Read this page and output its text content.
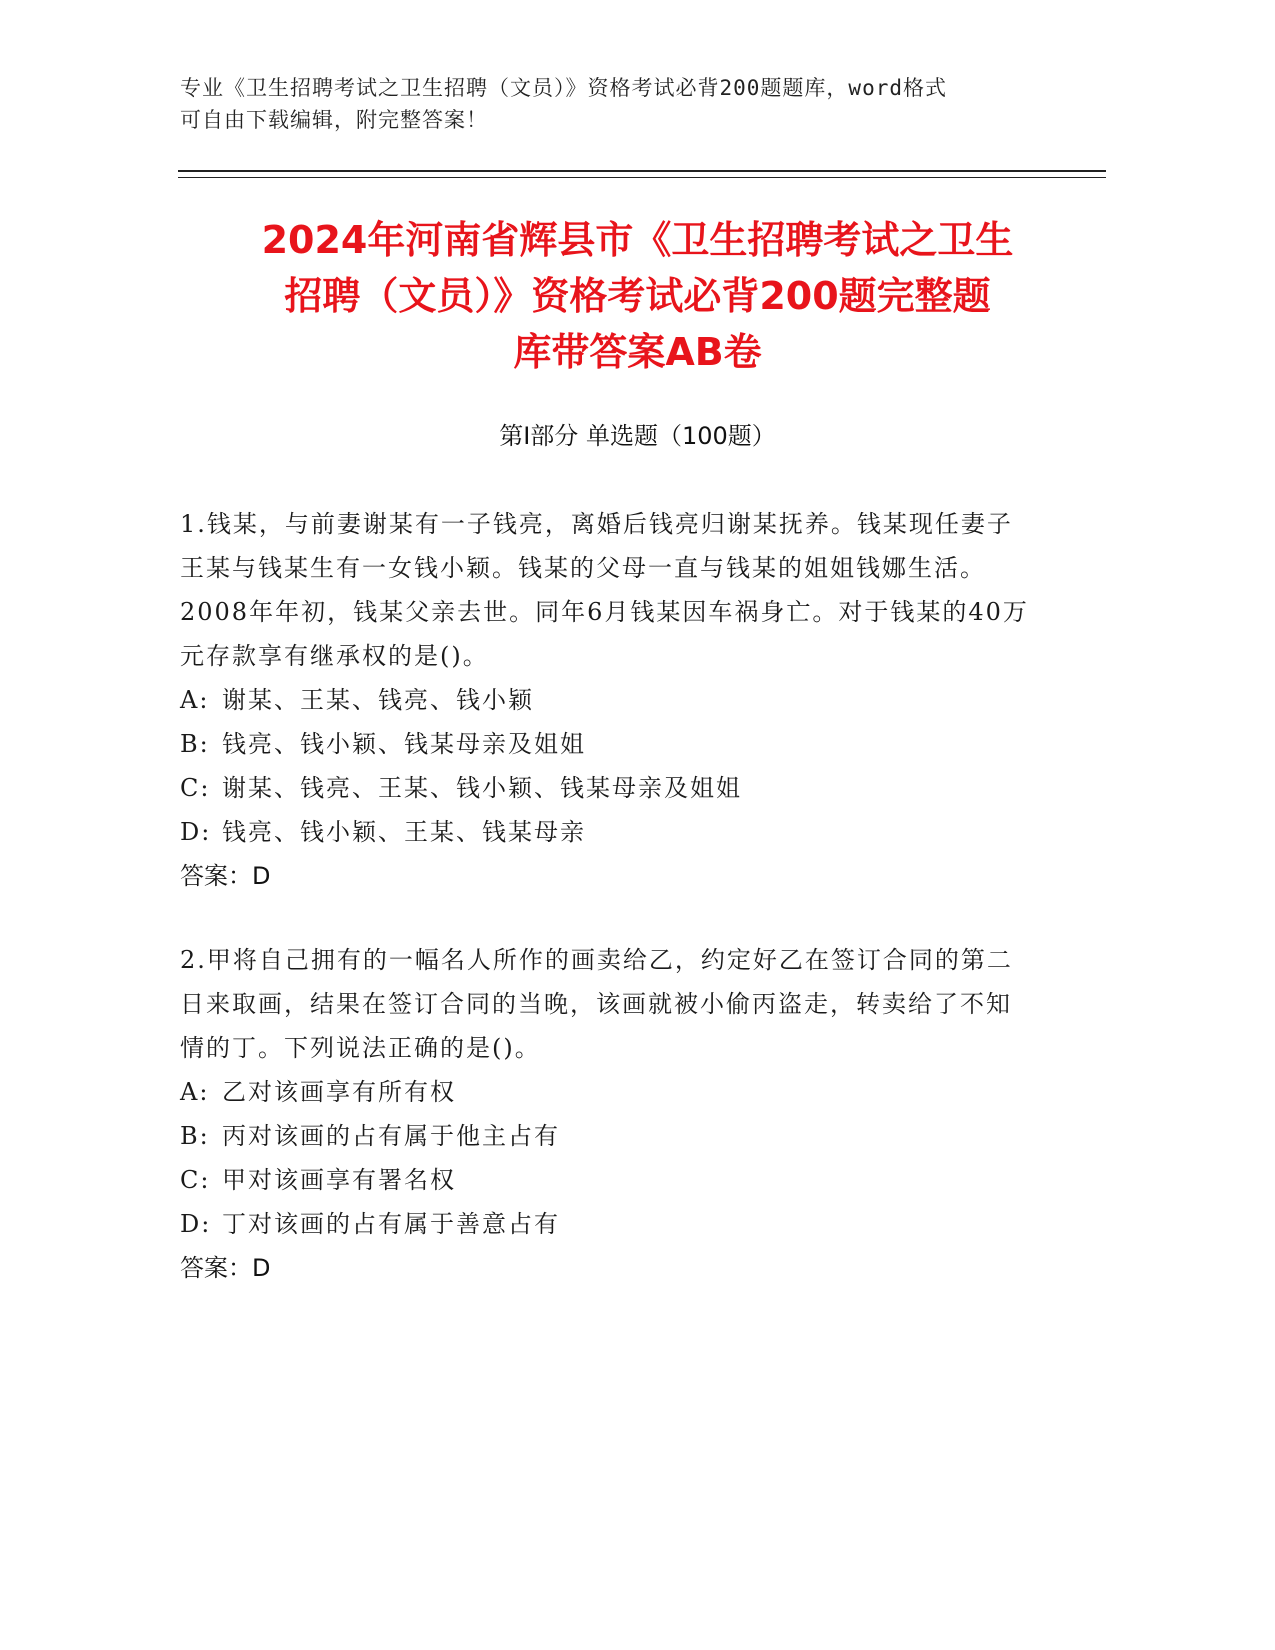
专业《卫生招聘考试之卫生招聘（文员）》资格考试必背200题题库，word格式
可自由下载编辑，附完整答案！
2024年河南省辉县市《卫生招聘考试之卫生
招聘（文员）》资格考试必背200题完整题
库带答案AB卷
第Ⅰ部分 单选题（100题）
1.钱某，与前妻谢某有一子钱亮，离婚后钱亮归谢某抚养。钱某现任妻子王某与钱某生有一女钱小颖。钱某的父母一直与钱某的姐姐钱娜生活。2008年年初，钱某父亲去世。同年6月钱某因车祸身亡。对于钱某的40万元存款享有继承权的是()。
A: 谢某、王某、钱亮、钱小颖
B: 钱亮、钱小颖、钱某母亲及姐姐
C: 谢某、钱亮、王某、钱小颖、钱某母亲及姐姐
D: 钱亮、钱小颖、王某、钱某母亲
答案：D
2.甲将自己拥有的一幅名人所作的画卖给乙，约定好乙在签订合同的第二日来取画，结果在签订合同的当晚，该画就被小偷丙盗走，转卖给了不知情的丁。下列说法正确的是()。
A: 乙对该画享有所有权
B: 丙对该画的占有属于他主占有
C: 甲对该画享有署名权
D: 丁对该画的占有属于善意占有
答案：D
